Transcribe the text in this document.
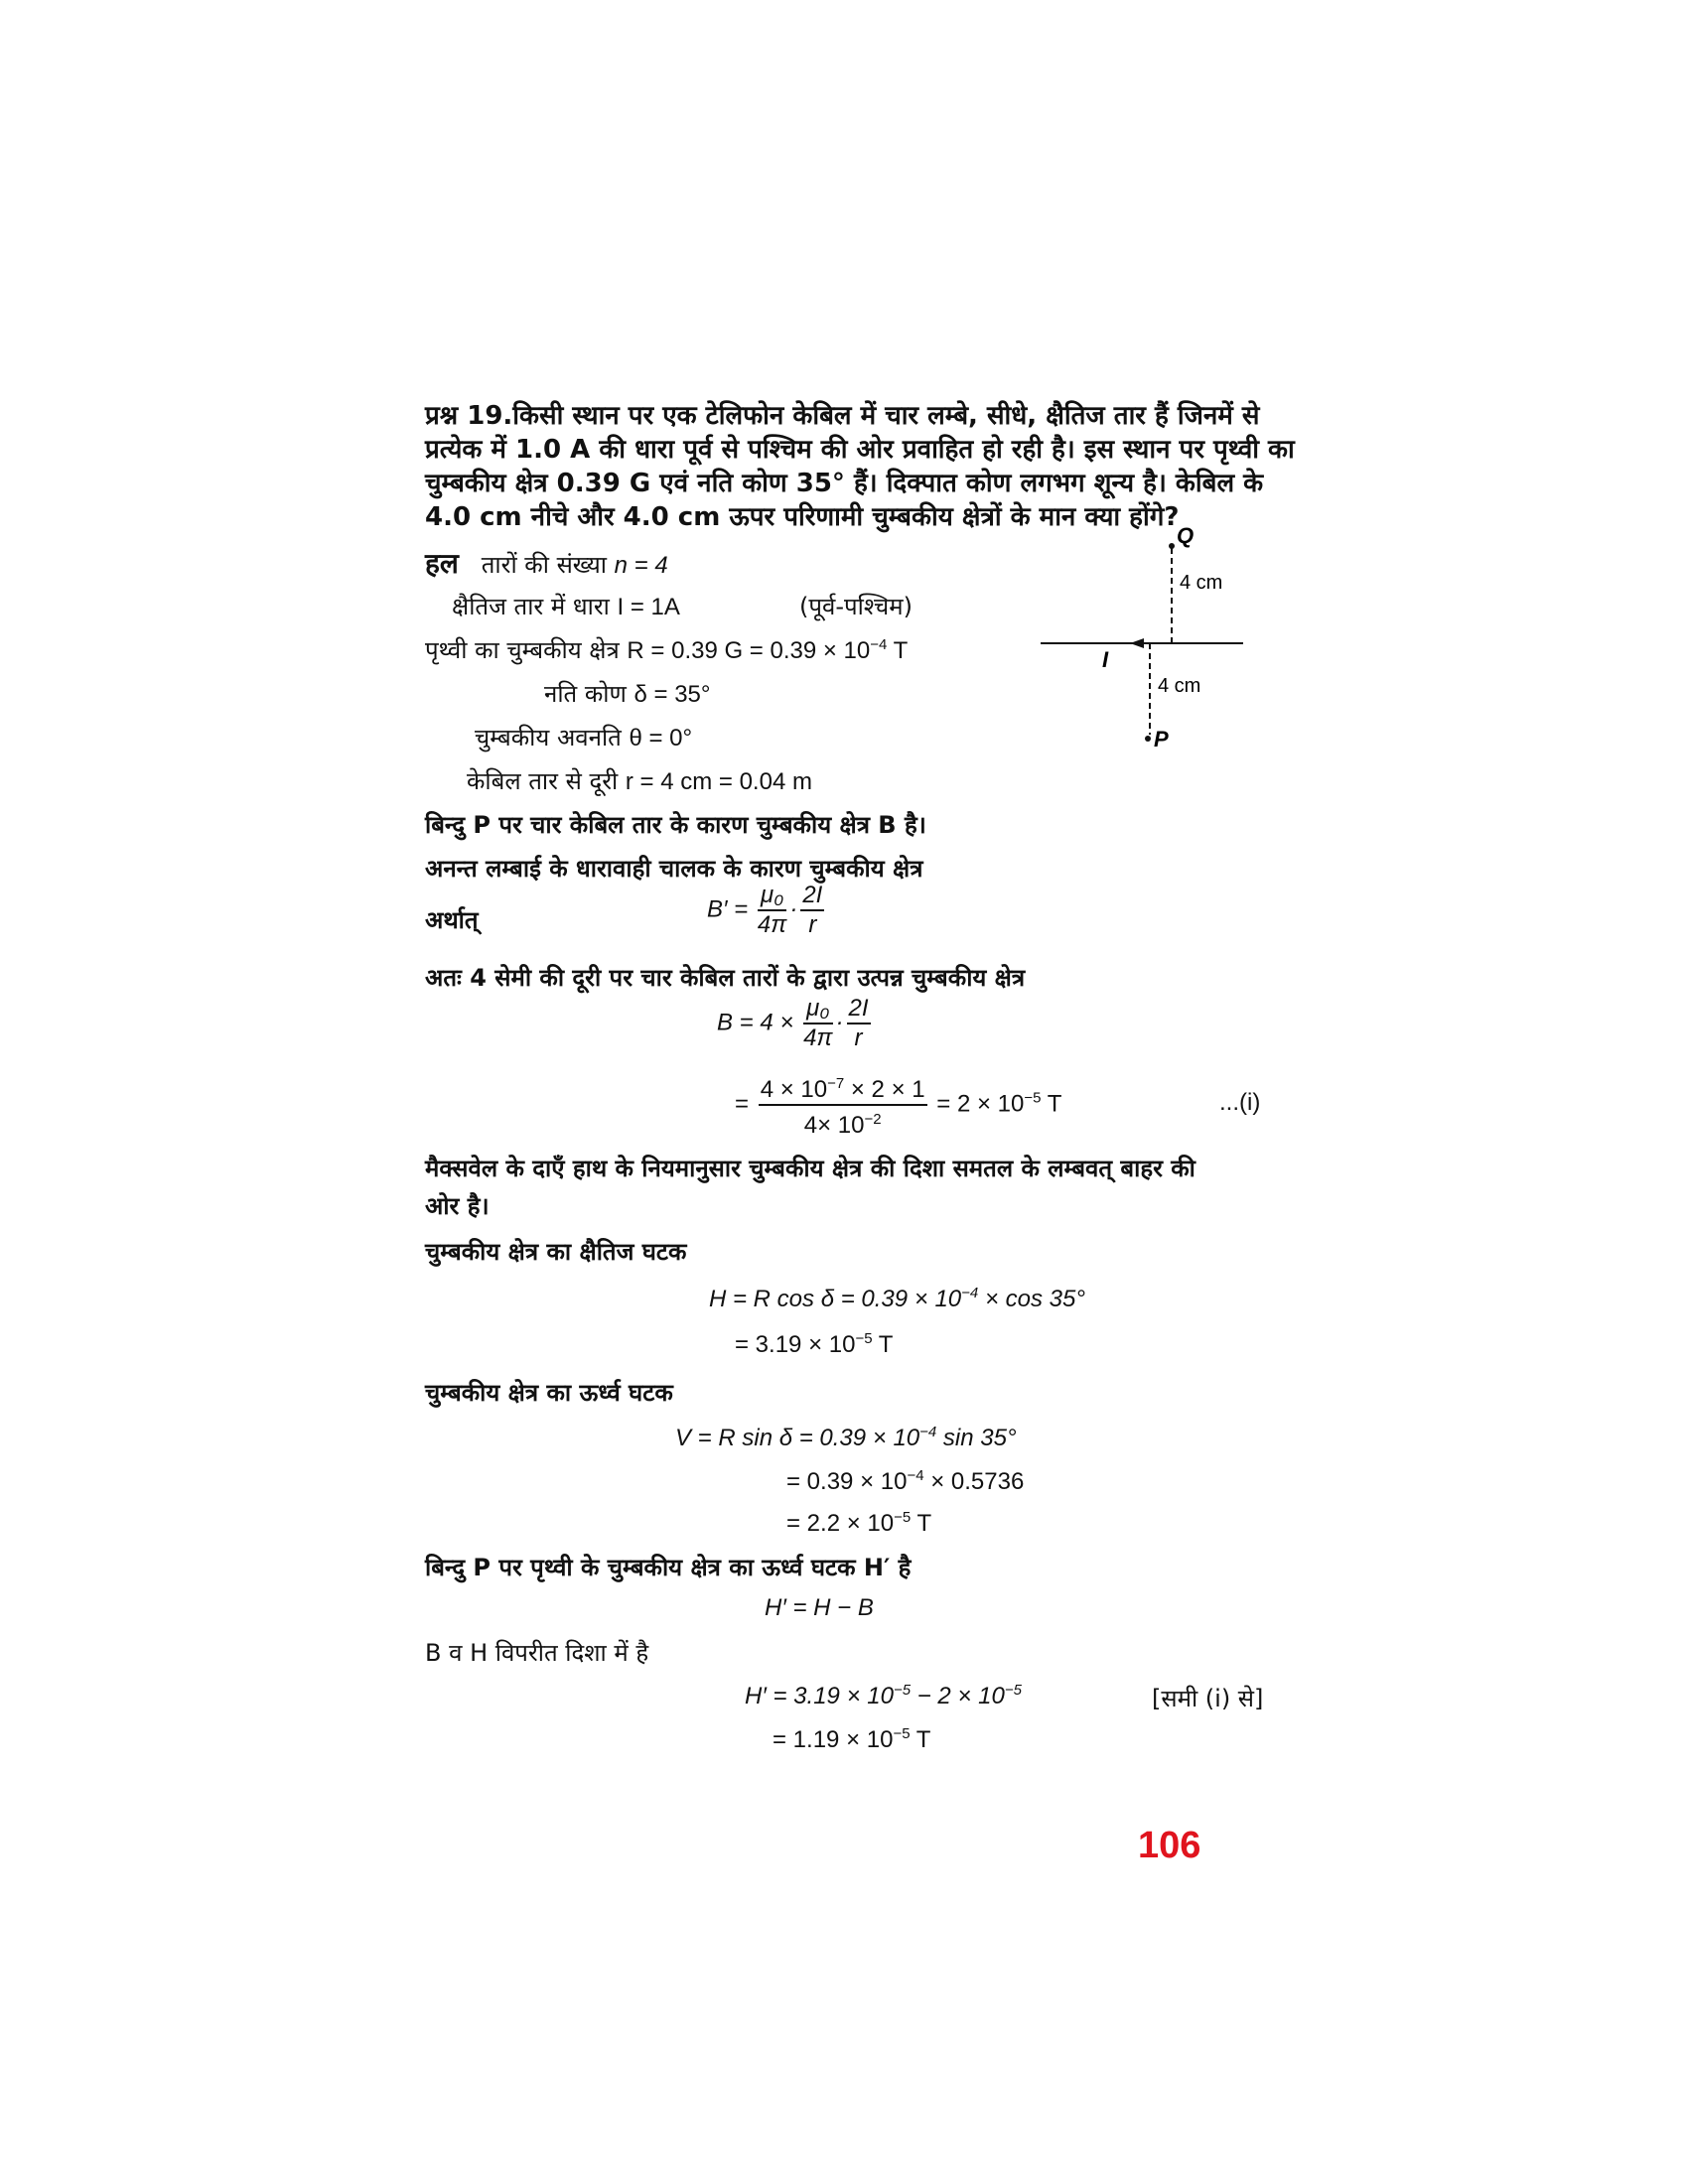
प्रश्न 19.किसी स्थान पर एक टेलिफोन केबिल में चार लम्बे, सीधे, क्षैतिज तार हैं जिनमें से
प्रत्येक में 1.0 A की धारा पूर्व से पश्चिम की ओर प्रवाहित हो रही है। इस स्थान पर पृथ्वी का
चुम्बकीय क्षेत्र 0.39 G एवं नति कोण 35° हैं। दिक्पात कोण लगभग शून्य है। केबिल के
4.0 cm नीचे और 4.0 cm ऊपर परिणामी चुम्बकीय क्षेत्रों के मान क्या होंगे?
हल तारों की संख्या n = 4
क्षैतिज तार में धारा I = 1A	(पूर्व-पश्चिम)
पृथ्वी का चुम्बकीय क्षेत्र R = 0.39 $G = 0.39 \times 10^{-4}$ T
नति कोण δ = 35°
चुम्बकीय अवनति θ = 0°
केबिल तार से दूरी r = 4 cm = 0.04 m
Q
P
I
4 cm
4 cm
बिन्दु P पर चार केबिल तार के कारण चुम्बकीय क्षेत्र B है।
अनन्त लम्बाई के धारावाही चालक के कारण चुम्बकीय क्षेत्र
अर्थात्	$B' = \frac{\text{μ₀}}{4\pi} \cdot \frac{2I}{r}$
अतः 4 सेमी की दूरी पर चार केबिल तारों के द्वारा उत्पन्न चुम्बकीय क्षेत्र
$B = 4 \times \frac{\text{μ₀}}{4\pi} \cdot \frac{2I}{r}$
= $\frac{4 \times 10^{-7} \times 2 \times 1}{4\times 10^{-2}} = 2 \times 10^{-5}$ T	...(i)
मैक्सवेल के दाएँ हाथ के नियमानुसार चुम्बकीय क्षेत्र की दिशा समतल के लम्बवत् बाहर की
ओर है।
चुम्बकीय क्षेत्र का क्षैतिज घटक
H = R $\cos \delta = 0.39 \times 10^{-4} \times \cos 35^\circ$
= $3.19 \times 10^{-5}$ T
चुम्बकीय क्षेत्र का ऊर्ध्व घटक
V = R $\sin \delta = 0.39 \times 10^{-4}$ sin 35°
= $0.39 \times 10^{-4} \times 0.5736$
= $2.2 \times 10^{-5}$ T
बिन्दु P पर पृथ्वी के चुम्बकीय क्षेत्र का ऊर्ध्व घटक H′ है
H′ = H − B
B व H विपरीत दिशा में है
$H' = 3.19 \times 10^{-5} - 2 \times 10^{-5}$	[समी (i) से]
= $1.19 \times 10^{-5}$ T
106
